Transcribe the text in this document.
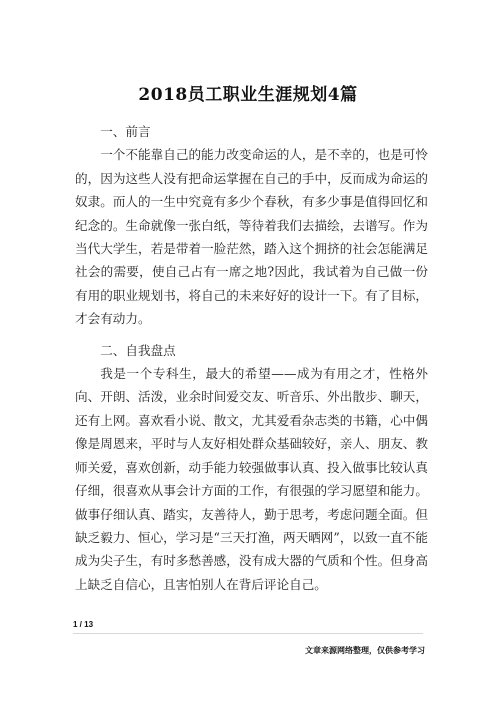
2018员工职业生涯规划4篇

一、前言

一个不能靠自己的能力改变命运的人，是不幸的，也是可怜的，因为这些人没有把命运掌握在自己的手中，反而成为命运的奴隶。而人的一生中究竟有多少个春秋，有多少事是值得回忆和纪念的。生命就像一张白纸，等待着我们去描绘，去谱写。作为当代大学生，若是带着一脸茫然，踏入这个拥挤的社会怎能满足社会的需要，使自己占有一席之地?因此，我试着为自己做一份有用的职业规划书，将自己的未来好好的设计一下。有了目标，才会有动力。

二、自我盘点

我是一个专科生，最大的希望——成为有用之才，性格外向、开朗、活泼，业余时间爱交友、听音乐、外出散步、聊天，还有上网。喜欢看小说、散文，尤其爱看杂志类的书籍，心中偶像是周恩来，平时与人友好相处群众基础较好，亲人、朋友、教师关爱，喜欢创新，动手能力较强做事认真、投入做事比较认真仔细，很喜欢从事会计方面的工作，有很强的学习愿望和能力。做事仔细认真、踏实，友善待人，勤于思考，考虑问题全面。但缺乏毅力、恒心，学习是“三天打渔，两天晒网”，以致一直不能成为尖子生，有时多愁善感，没有成大器的气质和个性。但身高上缺乏自信心，且害怕别人在背后评论自己。

1 / 13
文章来源网络整理，仅供参考学习
